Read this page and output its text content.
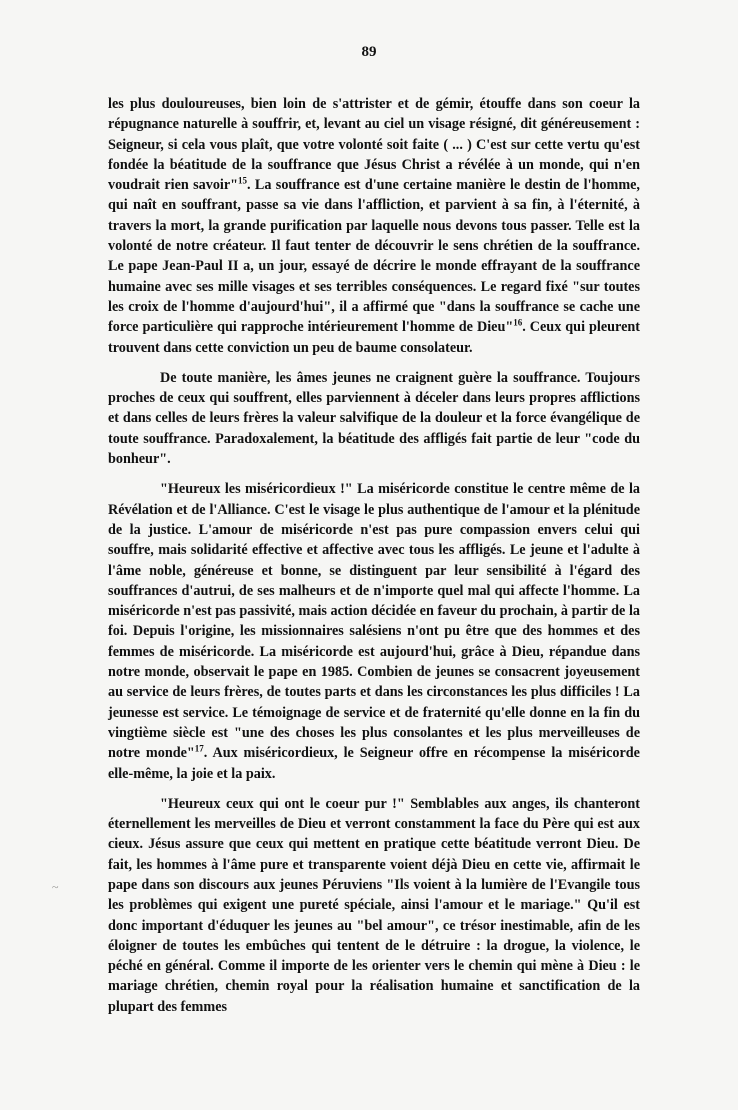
89

les plus douloureuses, bien loin de s'attrister et de gémir, étouffe dans son coeur la répugnance naturelle à souffrir, et, levant au ciel un visage résigné, dit généreusement : Seigneur, si cela vous plaît, que votre volonté soit faite ( ... ) C'est sur cette vertu qu'est fondée la béatitude de la souffrance que Jésus Christ a révélée à un monde, qui n'en voudrait rien savoir"$^{15}$. La souffrance est d'une certaine manière le destin de l'homme, qui naît en souffrant, passe sa vie dans l'affliction, et parvient à sa fin, à l'éternité, à travers la mort, la grande purification par laquelle nous devons tous passer. Telle est la volonté de notre créateur. Il faut tenter de découvrir le sens chrétien de la souffrance. Le pape Jean-Paul II a, un jour, essayé de décrire le monde effrayant de la souffrance humaine avec ses mille visages et ses terribles conséquences. Le regard fixé "sur toutes les croix de l'homme d'aujourd'hui", il a affirmé que "dans la souffrance se cache une force particulière qui rapproche intérieurement l'homme de Dieu"$^{16}$. Ceux qui pleurent trouvent dans cette conviction un peu de baume consolateur.

De toute manière, les âmes jeunes ne craignent guère la souffrance. Toujours proches de ceux qui souffrent, elles parviennent à déceler dans leurs propres afflictions et dans celles de leurs frères la valeur salvifique de la douleur et la force évangélique de toute souffrance. Paradoxalement, la béatitude des affligés fait partie de leur "code du bonheur".

"Heureux les miséricordieux !" La miséricorde constitue le centre même de la Révélation et de l'Alliance. C'est le visage le plus authentique de l'amour et la plénitude de la justice. L'amour de miséricorde n'est pas pure compassion envers celui qui souffre, mais solidarité effective et affective avec tous les affligés. Le jeune et l'adulte à l'âme noble, généreuse et bonne, se distinguent par leur sensibilité à l'égard des souffrances d'autrui, de ses malheurs et de n'importe quel mal qui affecte l'homme. La miséricorde n'est pas passivité, mais action décidée en faveur du prochain, à partir de la foi. Depuis l'origine, les missionnaires salésiens n'ont pu être que des hommes et des femmes de miséricorde. La miséricorde est aujourd'hui, grâce à Dieu, répandue dans notre monde, observait le pape en 1985. Combien de jeunes se consacrent joyeusement au service de leurs frères, de toutes parts et dans les circonstances les plus difficiles ! La jeunesse est service. Le témoignage de service et de fraternité qu'elle donne en la fin du vingtième siècle est "une des choses les plus consolantes et les plus merveilleuses de notre monde"$^{17}$. Aux miséricordieux, le Seigneur offre en récompense la miséricorde elle-même, la joie et la paix.

"Heureux ceux qui ont le coeur pur !" Semblables aux anges, ils chanteront éternellement les merveilles de Dieu et verront constamment la face du Père qui est aux cieux. Jésus assure que ceux qui mettent en pratique cette béatitude verront Dieu. De fait, les hommes à l'âme pure et transparente voient déjà Dieu en cette vie, affirmait le pape dans son discours aux jeunes Péruviens "Ils voient à la lumière de l'Evangile tous les problèmes qui exigent une pureté spéciale, ainsi l'amour et le mariage." Qu'il est donc important d'éduquer les jeunes au "bel amour", ce trésor inestimable, afin de les éloigner de toutes les embûches qui tentent de le détruire : la drogue, la violence, le péché en général. Comme il importe de les orienter vers le chemin qui mène à Dieu : le mariage chrétien, chemin royal pour la réalisation humaine et sanctification de la plupart des femmes

~
